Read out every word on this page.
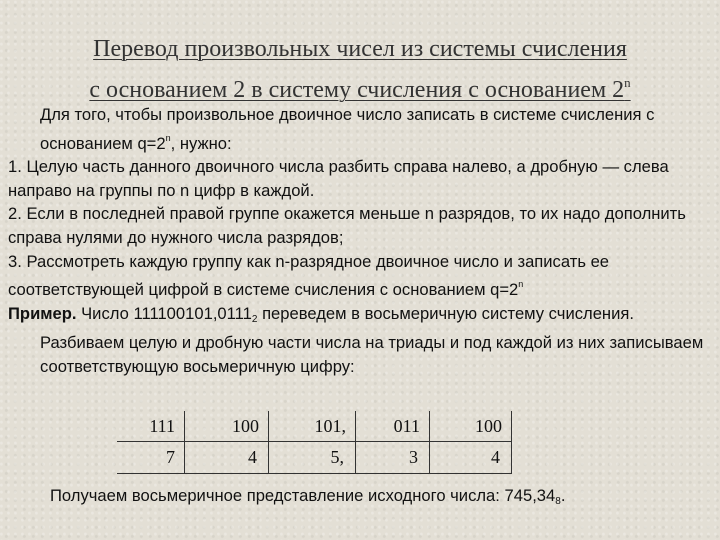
Перевод произвольных чисел из системы счисления
с основанием 2 в систему счисления с основанием 2$^n$

Для того, чтобы произвольное двоичное число записать в системе счисления с основанием $q=2^n$, нужно:

1. Целую часть данного двоичного числа разбить справа налево, а дробную — слева направо на группы по n цифр в каждой.

2. Если в последней правой группе окажется меньше n разрядов, то их надо дополнить справа нулями до нужного числа разрядов;

3. Рассмотреть каждую группу как n-разрядное двоичное число и записать ее соответствующей цифрой в системе счисления с основанием $q=2^n$

Пример. Число $111100101,0111_2$ переведем в восьмеричную систему счисления.

Разбиваем целую и дробную части числа на триады и под каждой из них записываем соответствующую восьмеричную цифру:

111	100	101,	011	100
7	4	5,	3	4
Получаем восьмеричное представление исходного числа: $745,34_8$.
